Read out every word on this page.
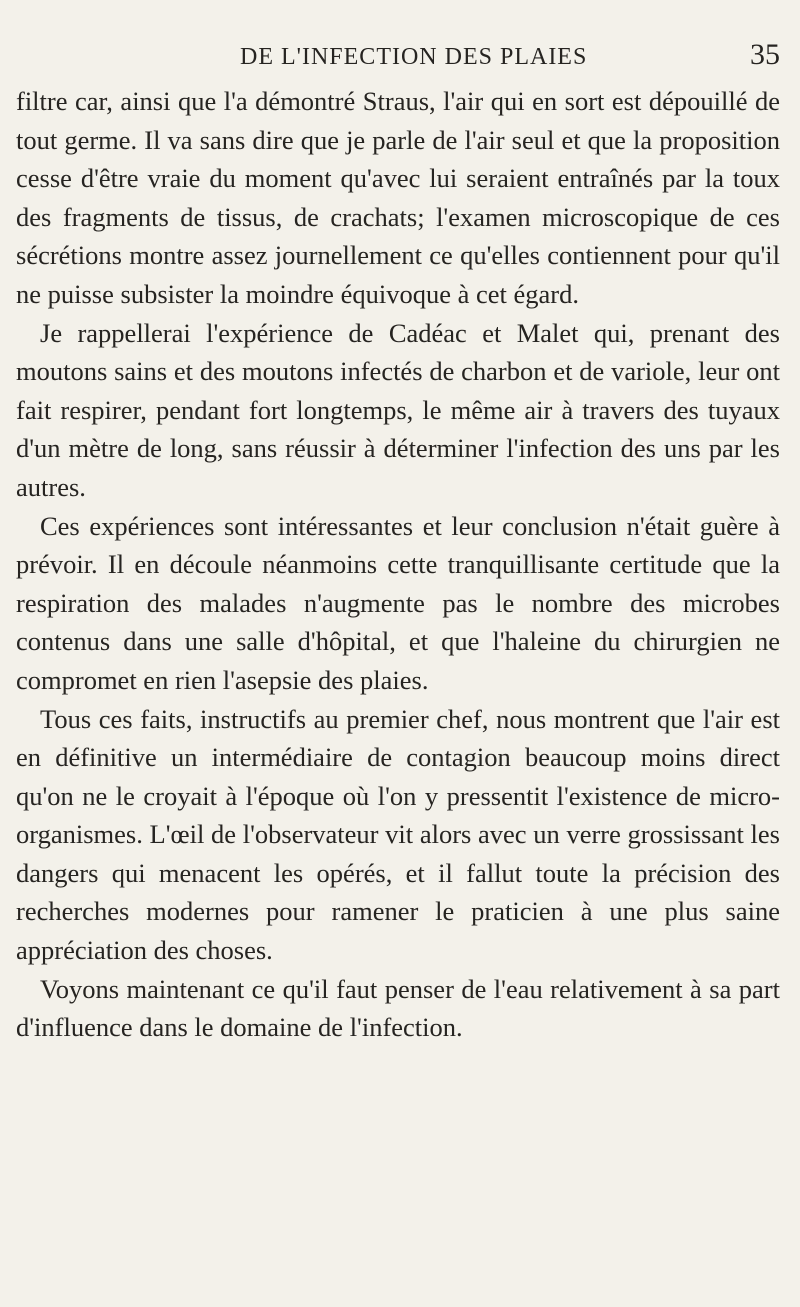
DE L'INFECTION DES PLAIES	35

filtre car, ainsi que l'a démontré Straus, l'air qui en sort est dépouillé de tout germe. Il va sans dire que je parle de l'air seul et que la proposition cesse d'être vraie du moment qu'avec lui seraient entraînés par la toux des fragments de tissus, de crachats; l'examen microscopique de ces sécrétions montre assez journellement ce qu'elles contiennent pour qu'il ne puisse subsister la moindre équivoque à cet égard.

Je rappellerai l'expérience de Cadéac et Malet qui, prenant des moutons sains et des moutons infectés de charbon et de variole, leur ont fait respirer, pendant fort longtemps, le même air à travers des tuyaux d'un mètre de long, sans réussir à déterminer l'infection des uns par les autres.

Ces expériences sont intéressantes et leur conclusion n'était guère à prévoir. Il en découle néanmoins cette tranquillisante certitude que la respiration des malades n'augmente pas le nombre des microbes contenus dans une salle d'hôpital, et que l'haleine du chirurgien ne compromet en rien l'asepsie des plaies.

Tous ces faits, instructifs au premier chef, nous montrent que l'air est en définitive un intermédiaire de contagion beaucoup moins direct qu'on ne le croyait à l'époque où l'on y pressentit l'existence de micro-organismes. L'œil de l'observateur vit alors avec un verre grossissant les dangers qui menacent les opérés, et il fallut toute la précision des recherches modernes pour ramener le praticien à une plus saine appréciation des choses.

Voyons maintenant ce qu'il faut penser de l'eau relativement à sa part d'influence dans le domaine de l'infection.
